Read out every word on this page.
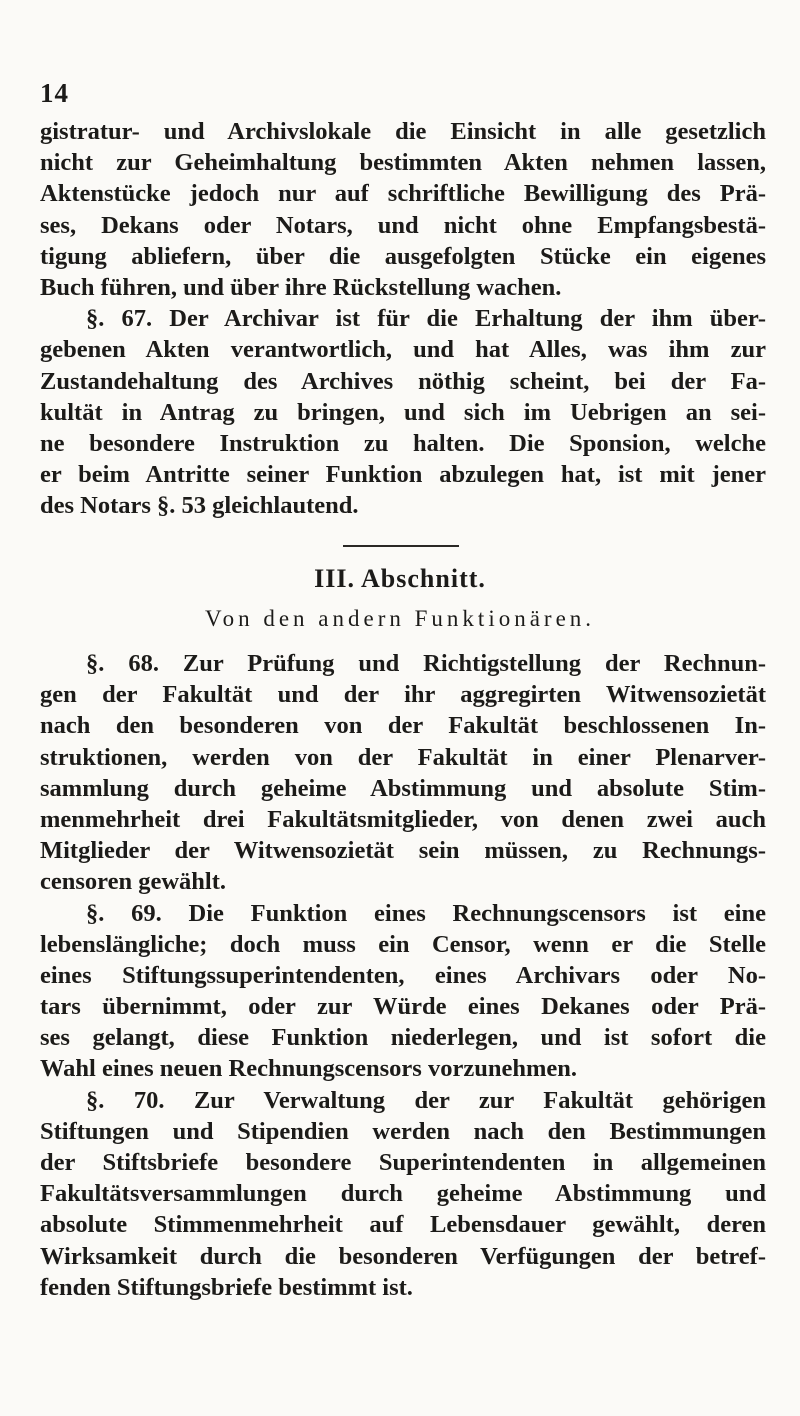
14
gistratur- und Archivslokale die Einsicht in alle gesetzlich
nicht zur Geheimhaltung bestimmten Akten nehmen lassen,
Aktenstücke jedoch nur auf schriftliche Bewilligung des Prä-
ses, Dekans oder Notars, und nicht ohne Empfangsbestä-
tigung abliefern, über die ausgefolgten Stücke ein eigenes
Buch führen, und über ihre Rückstellung wachen.
§. 67. Der Archivar ist für die Erhaltung der ihm über-
gebenen Akten verantwortlich, und hat Alles, was ihm zur
Zustandehaltung des Archives nöthig scheint, bei der Fa-
kultät in Antrag zu bringen, und sich im Uebrigen an sei-
ne besondere Instruktion zu halten. Die Sponsion, welche
er beim Antritte seiner Funktion abzulegen hat, ist mit jener
des Notars §. 53 gleichlautend.
III. Abschnitt.
Von den andern Funktionären.
§. 68. Zur Prüfung und Richtigstellung der Rechnun-
gen der Fakultät und der ihr aggregirten Witwensozietät
nach den besonderen von der Fakultät beschlossenen In-
struktionen, werden von der Fakultät in einer Plenarver-
sammlung durch geheime Abstimmung und absolute Stim-
menmehrheit drei Fakultätsmitglieder, von denen zwei auch
Mitglieder der Witwensozietät sein müssen, zu Rechnungs-
censoren gewählt.
§. 69. Die Funktion eines Rechnungscensors ist eine
lebenslängliche; doch muss ein Censor, wenn er die Stelle
eines Stiftungssuperintendenten, eines Archivars oder No-
tars übernimmt, oder zur Würde eines Dekanes oder Prä-
ses gelangt, diese Funktion niederlegen, und ist sofort die
Wahl eines neuen Rechnungscensors vorzunehmen.
§. 70. Zur Verwaltung der zur Fakultät gehörigen
Stiftungen und Stipendien werden nach den Bestimmungen
der Stiftsbriefe besondere Superintendenten in allgemeinen
Fakultätsversammlungen durch geheime Abstimmung und
absolute Stimmenmehrheit auf Lebensdauer gewählt, deren
Wirksamkeit durch die besonderen Verfügungen der betref-
fenden Stiftungsbriefe bestimmt ist.
